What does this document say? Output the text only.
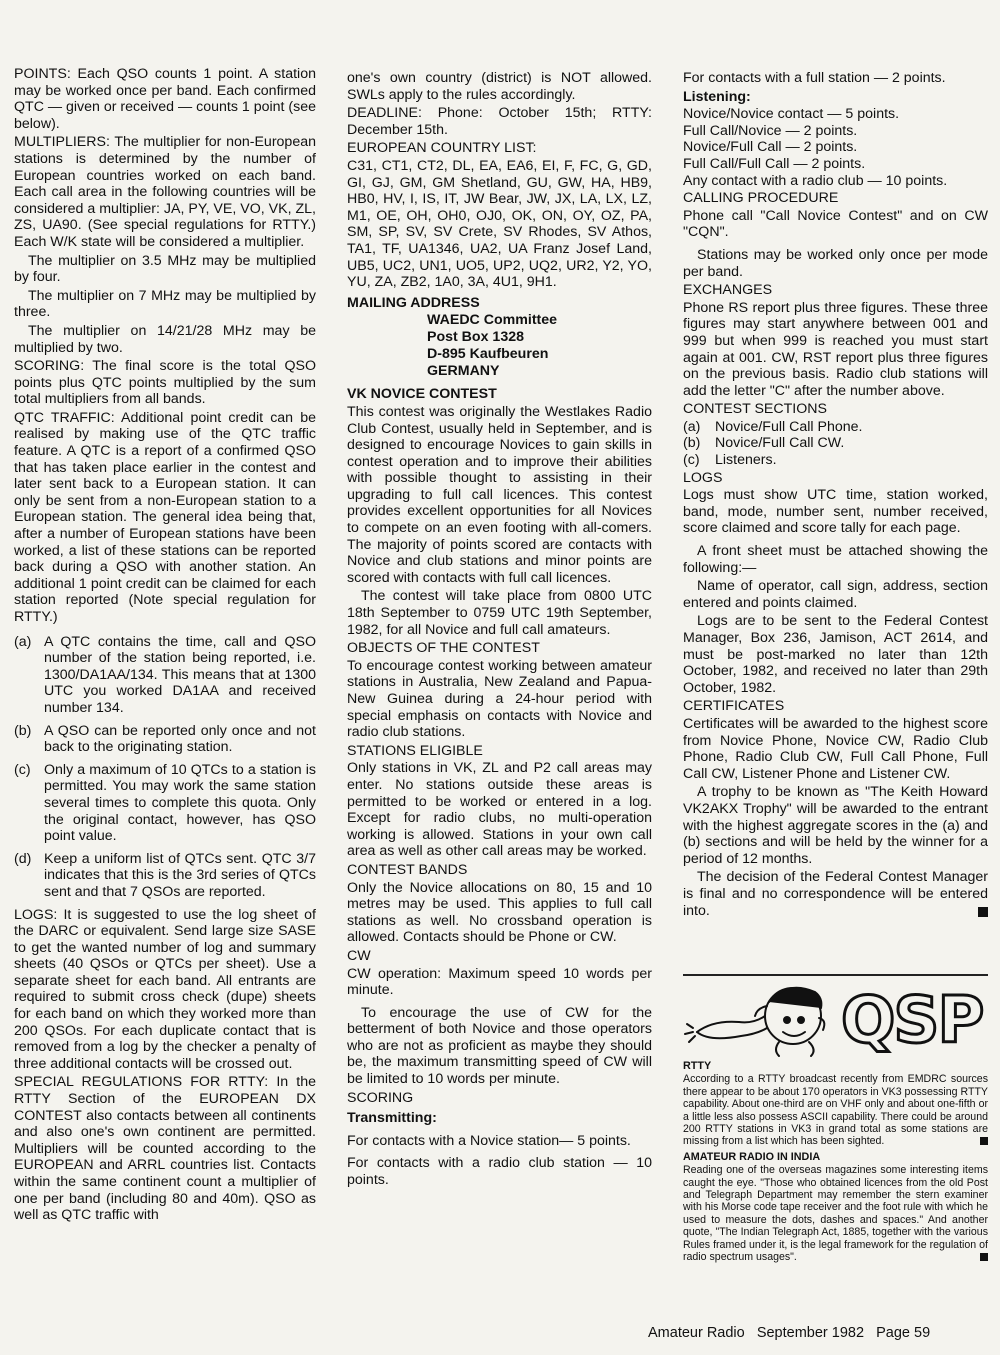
POINTS: Each QSO counts 1 point. A station may be worked once per band. Each confirmed QTC — given or received — counts 1 point (see below).

MULTIPLIERS: The multiplier for non-European stations is determined by the number of European countries worked on each band. Each call area in the following countries will be considered a multiplier: JA, PY, VE, VO, VK, ZL, ZS, UA90. (See special regulations for RTTY.) Each W/K state will be considered a multiplier.

The multiplier on 3.5 MHz may be multiplied by four.

The multiplier on 7 MHz may be multiplied by three.

The multiplier on 14/21/28 MHz may be multiplied by two.

SCORING: The final score is the total QSO points plus QTC points multiplied by the sum total multipliers from all bands.

QTC TRAFFIC: Additional point credit can be realised by making use of the QTC traffic feature. A QTC is a report of a confirmed QSO that has taken place earlier in the contest and later sent back to a European station. It can only be sent from a non-European station to a European station. The general idea being that, after a number of European stations have been worked, a list of these stations can be reported back during a QSO with another station. An additional 1 point credit can be claimed for each station reported (Note special regulation for RTTY.)

(a) A QTC contains the time, call and QSO number of the station being reported, i.e. 1300/DA1AA/134. This means that at 1300 UTC you worked DA1AA and received number 134.
(b) A QSO can be reported only once and not back to the originating station.
(c) Only a maximum of 10 QTCs to a station is permitted. You may work the same station several times to complete this quota. Only the original contact, however, has QSO point value.
(d) Keep a uniform list of QTCs sent. QTC 3/7 indicates that this is the 3rd series of QTCs sent and that 7 QSOs are reported.

LOGS: It is suggested to use the log sheet of the DARC or equivalent. Send large size SASE to get the wanted number of log and summary sheets (40 QSOs or QTCs per sheet). Use a separate sheet for each band. All entrants are required to submit cross check (dupe) sheets for each band on which they worked more than 200 QSOs. For each duplicate contact that is removed from a log by the checker a penalty of three additional contacts will be crossed out.

SPECIAL REGULATIONS FOR RTTY: In the RTTY Section of the EUROPEAN DX CONTEST also contacts between all continents and also one's own continent are permitted. Multipliers will be counted according to the EUROPEAN and ARRL countries list. Contacts within the same continent count a multiplier of one per band (including 80 and 40m). QSO as well as QTC traffic with

one's own country (district) is NOT allowed. SWLs apply to the rules accordingly.

DEADLINE: Phone: October 15th; RTTY: December 15th.

EUROPEAN COUNTRY LIST:

C31, CT1, CT2, DL, EA, EA6, EI, F, FC, G, GD, GI, GJ, GM, GM Shetland, GU, GW, HA, HB9, HB0, HV, I, IS, IT, JW Bear, JW, JX, LA, LX, LZ, M1, OE, OH, OH0, OJ0, OK, ON, OY, OZ, PA, SM, SP, SV, SV Crete, SV Rhodes, SV Athos, TA1, TF, UA1346, UA2, UA Franz Josef Land, UB5, UC2, UN1, UO5, UP2, UQ2, UR2, Y2, YO, YU, ZA, ZB2, 1A0, 3A, 4U1, 9H1.

MAILING ADDRESS
WAEDC Committee
Post Box 1328
D-895 Kaufbeuren
GERMANY
VK NOVICE CONTEST

This contest was originally the Westlakes Radio Club Contest, usually held in September, and is designed to encourage Novices to gain skills in contest operation and to improve their abilities with possible thought to assisting in their upgrading to full call licences. This contest provides excellent opportunities for all Novices to compete on an even footing with all-comers. The majority of points scored are contacts with Novice and club stations and minor points are scored with contacts with full call licences.

The contest will take place from 0800 UTC 18th September to 0759 UTC 19th September, 1982, for all Novice and full call amateurs.

OBJECTS OF THE CONTEST

To encourage contest working between amateur stations in Australia, New Zealand and Papua-New Guinea during a 24-hour period with special emphasis on contacts with Novice and radio club stations.

STATIONS ELIGIBLE

Only stations in VK, ZL and P2 call areas may enter. No stations outside these areas is permitted to be worked or entered in a log. Except for radio clubs, no multi-operation working is allowed. Stations in your own call area as well as other call areas may be worked.

CONTEST BANDS

Only the Novice allocations on 80, 15 and 10 metres may be used. This applies to full call stations as well. No crossband operation is allowed. Contacts should be Phone or CW.

CW

CW operation: Maximum speed 10 words per minute.

To encourage the use of CW for the betterment of both Novice and those operators who are not as proficient as maybe they should be, the maximum transmitting speed of CW will be limited to 10 words per minute.

SCORING
Transmitting:

For contacts with a Novice station— 5 points.

For contacts with a radio club station — 10 points.

For contacts with a full station — 2 points.

Listening:
Novice/Novice contact — 5 points.
Full Call/Novice — 2 points.
Novice/Full Call — 2 points.
Full Call/Full Call — 2 points.
Any contact with a radio club — 10 points.
CALLING PROCEDURE

Phone call "Call Novice Contest" and on CW "CQN".

Stations may be worked only once per mode per band.

EXCHANGES

Phone RS report plus three figures. These three figures may start anywhere between 001 and 999 but when 999 is reached you must start again at 001. CW, RST report plus three figures on the previous basis. Radio club stations will add the letter "C" after the number above.

CONTEST SECTIONS
(a)	Novice/Full Call Phone.
(b)	Novice/Full Call CW.
(c)	Listeners.
LOGS

Logs must show UTC time, station worked, band, mode, number sent, number received, score claimed and score tally for each page.

A front sheet must be attached showing the following:—

Name of operator, call sign, address, section entered and points claimed.

Logs are to be sent to the Federal Contest Manager, Box 236, Jamison, ACT 2614, and must be post-marked no later than 12th October, 1982, and received no later than 29th October, 1982.

CERTIFICATES

Certificates will be awarded to the highest score from Novice Phone, Novice CW, Radio Club Phone, Radio Club CW, Full Call Phone, Full Call CW, Listener Phone and Listener CW.

A trophy to be known as "The Keith Howard VK2AKX Trophy" will be awarded to the entrant with the highest aggregate scores in the (a) and (b) sections and will be held by the winner for a period of 12 months.

The decision of the Federal Contest Manager is final and no correspondence will be entered into.

QSP
RTTY

According to a RTTY broadcast recently from EMDRC sources there appear to be about 170 operators in VK3 possessing RTTY capability. About one-third are on VHF only and about one-fifth or a little less also possess ASCII capability. There could be around 200 RTTY stations in VK3 in grand total as some stations are missing from a list which has been sighted.

AMATEUR RADIO IN INDIA

Reading one of the overseas magazines some interesting items caught the eye. "Those who obtained licences from the old Post and Telegraph Department may remember the stern examiner with his Morse code tape receiver and the foot rule with which he used to measure the dots, dashes and spaces." And another quote, "The Indian Telegraph Act, 1885, together with the various Rules framed under it, is the legal framework for the regulation of radio spectrum usages".

Amateur Radio September 1982 Page 59
